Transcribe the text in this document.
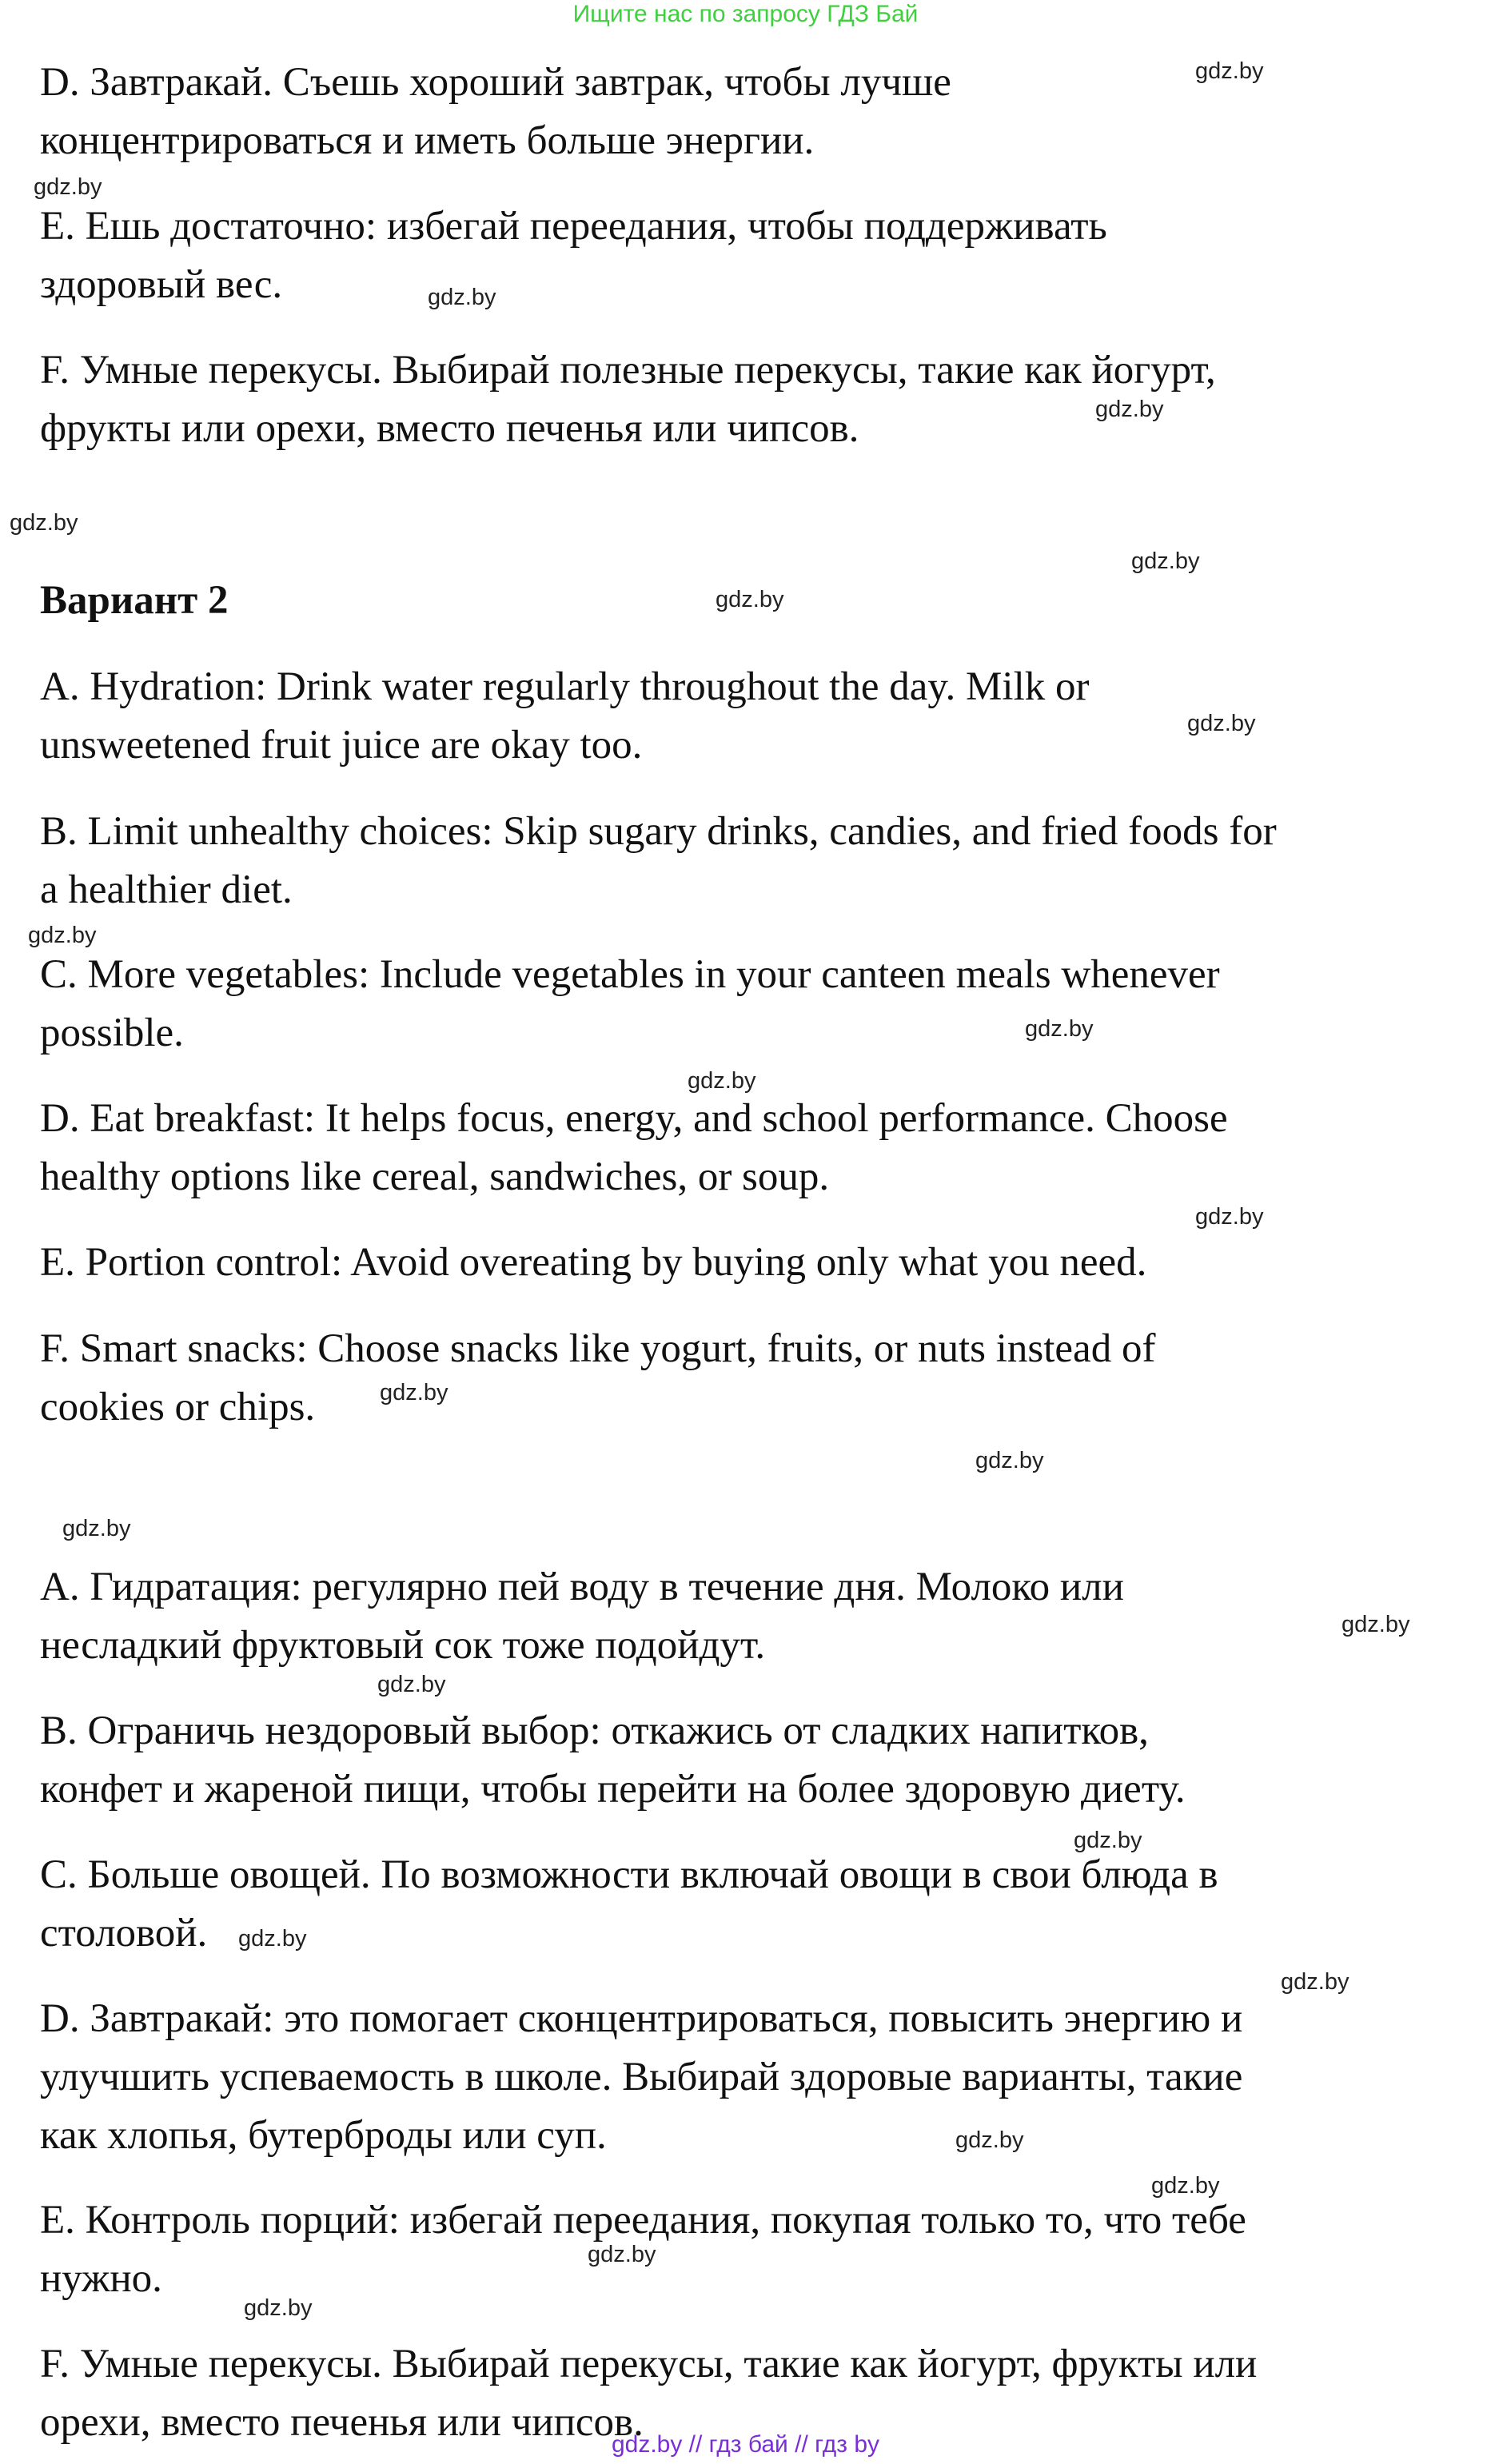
Ищите нас по запросу ГДЗ Бай

D. Завтракай. Съешь хороший завтрак, чтобы лучше
концентрироваться и иметь больше энергии.

E. Ешь достаточно: избегай переедания, чтобы поддерживать
здоровый вес.

F. Умные перекусы. Выбирай полезные перекусы, такие как йогурт,
фрукты или орехи, вместо печенья или чипсов.

Вариант 2

A. Hydration: Drink water regularly throughout the day. Milk or
unsweetened fruit juice are okay too.

B. Limit unhealthy choices: Skip sugary drinks, candies, and fried foods for
a healthier diet.

C. More vegetables: Include vegetables in your canteen meals whenever
possible.

D. Eat breakfast: It helps focus, energy, and school performance. Choose
healthy options like cereal, sandwiches, or soup.

E. Portion control: Avoid overeating by buying only what you need.

F. Smart snacks: Choose snacks like yogurt, fruits, or nuts instead of
cookies or chips.

A. Гидратация: регулярно пей воду в течение дня. Молоко или
несладкий фруктовый сок тоже подойдут.

B. Ограничь нездоровый выбор: откажись от сладких напитков,
конфет и жареной пищи, чтобы перейти на более здоровую диету.

C. Больше овощей. По возможности включай овощи в свои блюда в
столовой.

D. Завтракай: это помогает сконцентрироваться, повысить энергию и
улучшить успеваемость в школе. Выбирай здоровые варианты, такие
как хлопья, бутерброды или суп.

E. Контроль порций: избегай переедания, покупая только то, что тебе
нужно.

F. Умные перекусы. Выбирай перекусы, такие как йогурт, фрукты или
орехи, вместо печенья или чипсов.

gdz.by
gdz.by
gdz.by
gdz.by
gdz.by
gdz.by
gdz.by
gdz.by
gdz.by
gdz.by
gdz.by
gdz.by
gdz.by
gdz.by
gdz.by
gdz.by
gdz.by
gdz.by
gdz.by
gdz.by
gdz.by
gdz.by
gdz.by
gdz.by
gdz.by // гдз бай // гдз by
